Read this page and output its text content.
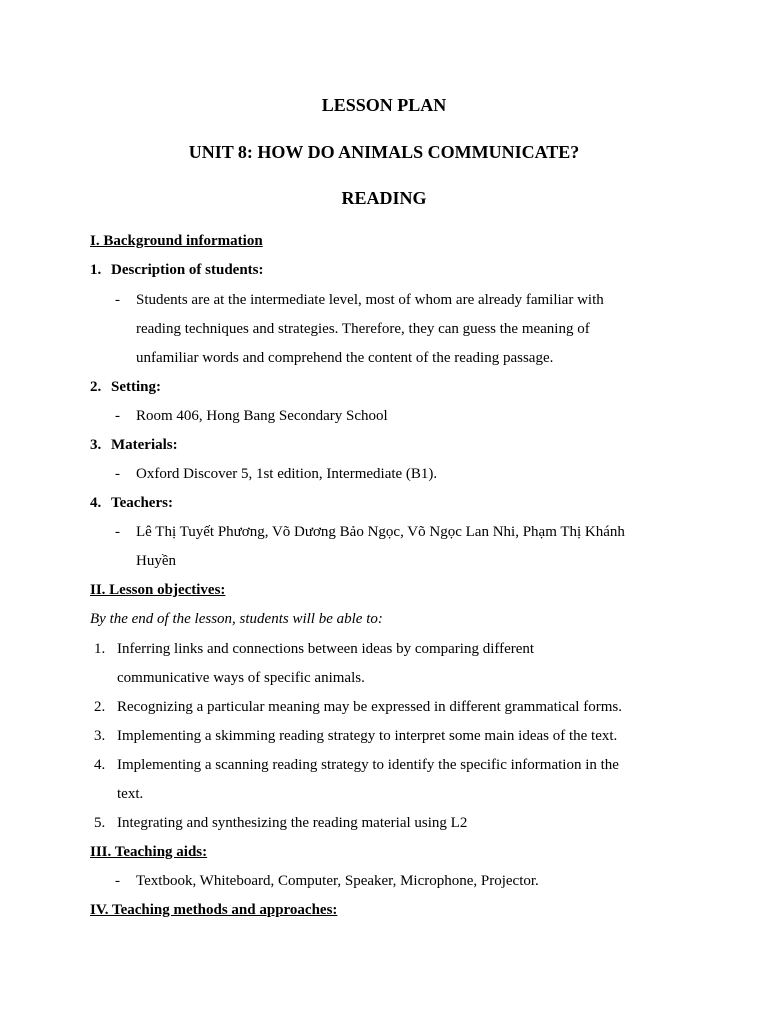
LESSON PLAN
UNIT 8: HOW DO ANIMALS COMMUNICATE?
READING
I. Background information
1. Description of students:
- Students are at the intermediate level, most of whom are already familiar with
reading techniques and strategies. Therefore, they can guess the meaning of
unfamiliar words and comprehend the content of the reading passage.
2. Setting:
- Room 406, Hong Bang Secondary School
3. Materials:
- Oxford Discover 5, 1st edition, Intermediate (B1).
4. Teachers:
- Lê Thị Tuyết Phương, Võ Dương Bảo Ngọc, Võ Ngọc Lan Nhi, Phạm Thị Khánh
Huyền
II. Lesson objectives:
By the end of the lesson, students will be able to:
1. Inferring links and connections between ideas by comparing different
communicative ways of specific animals.
2. Recognizing a particular meaning may be expressed in different grammatical forms.
3. Implementing a skimming reading strategy to interpret some main ideas of the text.
4. Implementing a scanning reading strategy to identify the specific information in the
text.
5. Integrating and synthesizing the reading material using L2
III. Teaching aids:
- Textbook, Whiteboard, Computer, Speaker, Microphone, Projector.
IV. Teaching methods and approaches:
